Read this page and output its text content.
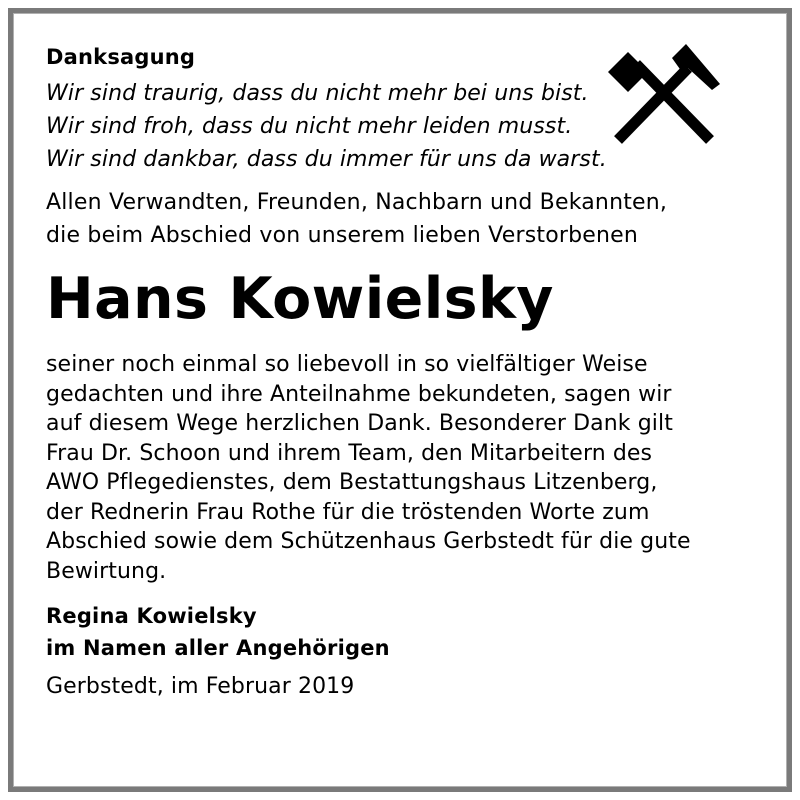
Danksagung
Wir sind traurig, dass du nicht mehr bei uns bist.
Wir sind froh, dass du nicht mehr leiden musst.
Wir sind dankbar, dass du immer für uns da warst.
Allen Verwandten, Freunden, Nachbarn und Bekannten,
die beim Abschied von unserem lieben Verstorbenen
Hans Kowielsky
seiner noch einmal so liebevoll in so vielfältiger Weise
gedachten und ihre Anteilnahme bekundeten, sagen wir
auf diesem Wege herzlichen Dank. Besonderer Dank gilt
Frau Dr. Schoon und ihrem Team, den Mitarbeitern des
AWO Pflegedienstes, dem Bestattungshaus Litzenberg,
der Rednerin Frau Rothe für die tröstenden Worte zum
Abschied sowie dem Schützenhaus Gerbstedt für die gute
Bewirtung.
Regina Kowielsky
im Namen aller Angehörigen
Gerbstedt, im Februar 2019
